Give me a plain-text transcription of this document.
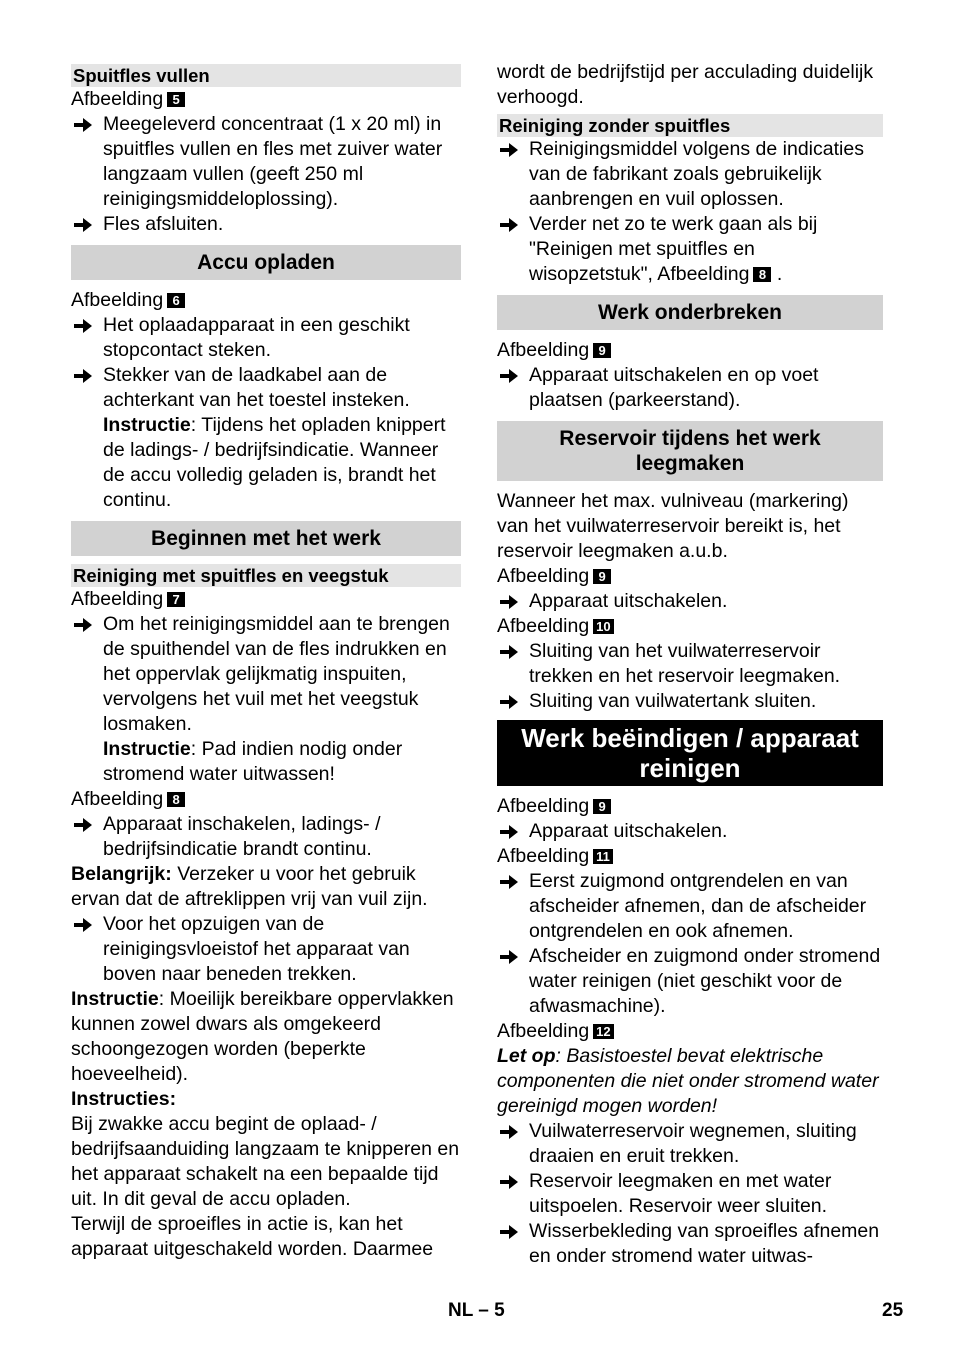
Spuitfles vullen

Afbeelding 5

Meegeleverd concentraat (1 x 20 ml) in spuitfles vullen en fles met zuiver water langzaam vullen (geeft 250 ml reinigingsmiddeloplossing).
Fles afsluiten.
Accu opladen

Afbeelding 6

Het oplaadapparaat in een geschikt stopcontact steken.
Stekker van de laadkabel aan de achterkant van het toestel insteken.

Instructie: Tijdens het opladen knippert de ladings- / bedrijfsindicatie. Wanneer de accu volledig geladen is, brandt het continu.

Beginnen met het werk
Reiniging met spuitfles en veegstuk

Afbeelding 7

Om het reinigingsmiddel aan te brengen de spuithendel van de fles indrukken en het oppervlak gelijkmatig inspuiten, vervolgens het vuil met het veegstuk losmaken.

Instructie: Pad indien nodig onder stromend water uitwassen!

Afbeelding 8

Apparaat inschakelen, ladings- / bedrijfsindicatie brandt continu.

Belangrijk: Verzeker u voor het gebruik ervan dat de aftreklippen vrij van vuil zijn.

Voor het opzuigen van de reinigingsvloeistof het apparaat van boven naar beneden trekken.

Instructie: Moeilijk bereikbare oppervlakken kunnen zowel dwars als omgekeerd schoongezogen worden (beperkte hoeveelheid).

Instructies:

Bij zwakke accu begint de oplaad- / bedrijfsaanduiding langzaam te knipperen en het apparaat schakelt na een bepaalde tijd uit. In dit geval de accu opladen.

Terwijl de sproeifles in actie is, kan het apparaat uitgeschakeld worden. Daarmee

wordt de bedrijfstijd per acculading duidelijk verhoogd.

Reiniging zonder spuitfles
Reinigingsmiddel volgens de indicaties van de fabrikant zoals gebruikelijk aanbrengen en vuil oplossen.
Verder net zo te werk gaan als bij "Reinigen met spuitfles en wisopzetstuk", Afbeelding 8 .
Werk onderbreken

Afbeelding 9

Apparaat uitschakelen en op voet plaatsen (parkeerstand).
Reservoir tijdens het werk leegmaken

Wanneer het max. vulniveau (markering) van het vuilwaterreservoir bereikt is, het reservoir leegmaken a.u.b.

Afbeelding 9

Apparaat uitschakelen.

Afbeelding 10

Sluiting van het vuilwaterreservoir trekken en het reservoir leegmaken.
Sluiting van vuilwatertank sluiten.
Werk beëindigen / apparaat reinigen

Afbeelding 9

Apparaat uitschakelen.

Afbeelding 11

Eerst zuigmond ontgrendelen en van afscheider afnemen, dan de afscheider ontgrendelen en ook afnemen.
Afscheider en zuigmond onder stromend water reinigen (niet geschikt voor de afwasmachine).

Afbeelding 12

Let op: Basistoestel bevat elektrische componenten die niet onder stromend water gereinigd mogen worden!

Vuilwaterreservoir wegnemen, sluiting draaien en eruit trekken.
Reservoir leegmaken en met water uitspoelen. Reservoir weer sluiten.
Wisserbekleding van sproeifles afnemen en onder stromend water uitwas-
NL – 5	25
